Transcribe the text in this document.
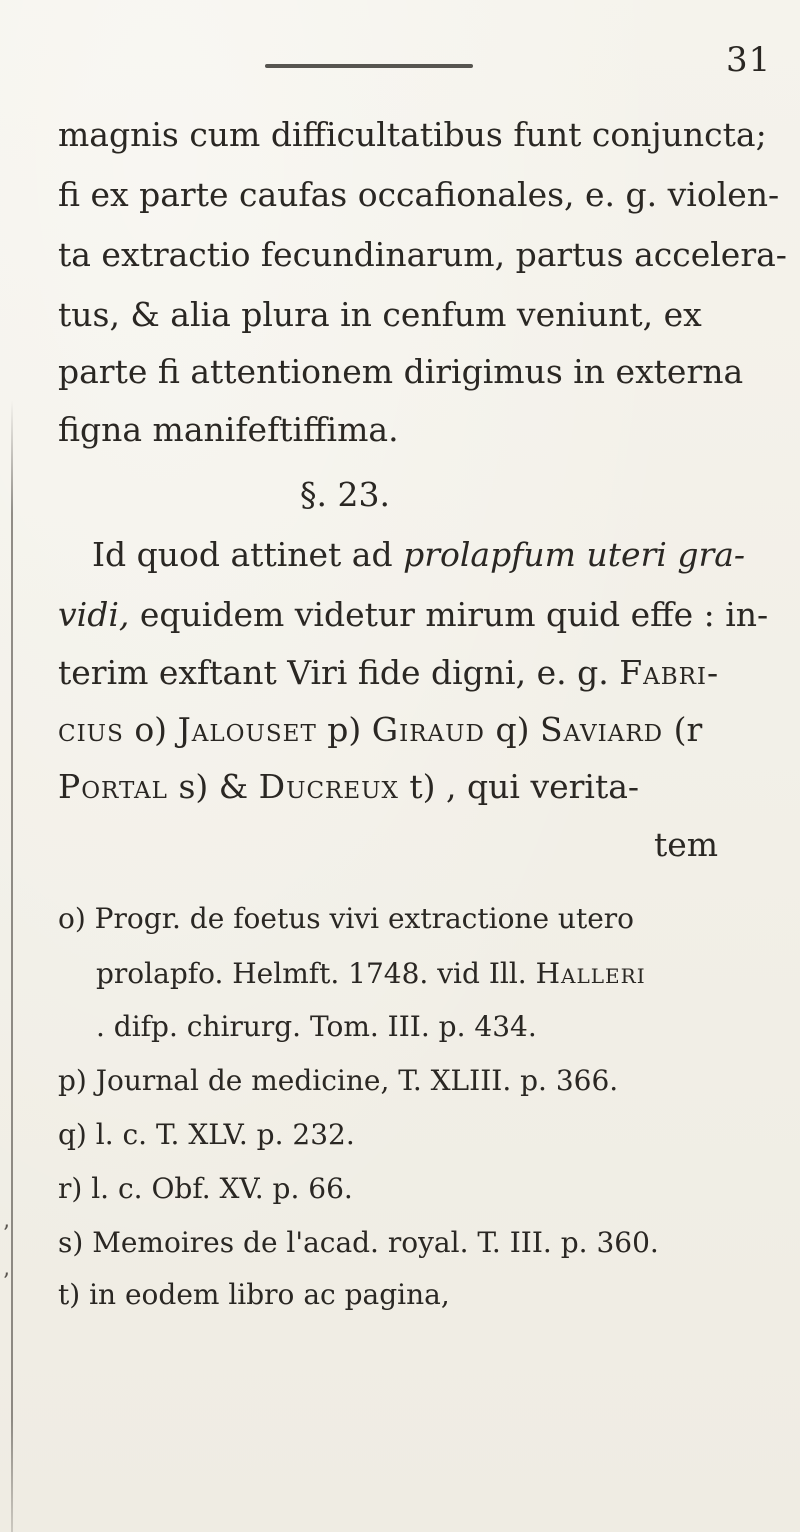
31
magnis cum difficultatibus funt conjuncta;
fi ex parte caufas occafionales, e. g. violen-
ta extractio fecundinarum, partus accelera-
tus, & alia plura in cenfum veniunt, ex
parte fi attentionem dirigimus in externa
figna manifeftiffima.
§. 23.
Id quod attinet ad prolapfum uteri gra-
vidi, equidem videtur mirum quid effe : in-
terim exftant Viri fide digni, e. g. Fabri-
cius o) Jalouset p) Giraud q) Saviard (r
Portal s) & Ducreux t) , qui verita-
tem
o) Progr. de foetus vivi extractione utero
prolapfo. Helmft. 1748. vid Ill. Halleri
. difp. chirurg. Tom. III. p. 434.
p) Journal de medicine, T. XLIII. p. 366.
q) l. c. T. XLV. p. 232.
r) l. c. Obf. XV. p. 66.
s) Memoires de l'acad. royal. T. III. p. 360.
t) in eodem libro ac pagina,
ʼ
ʼ
